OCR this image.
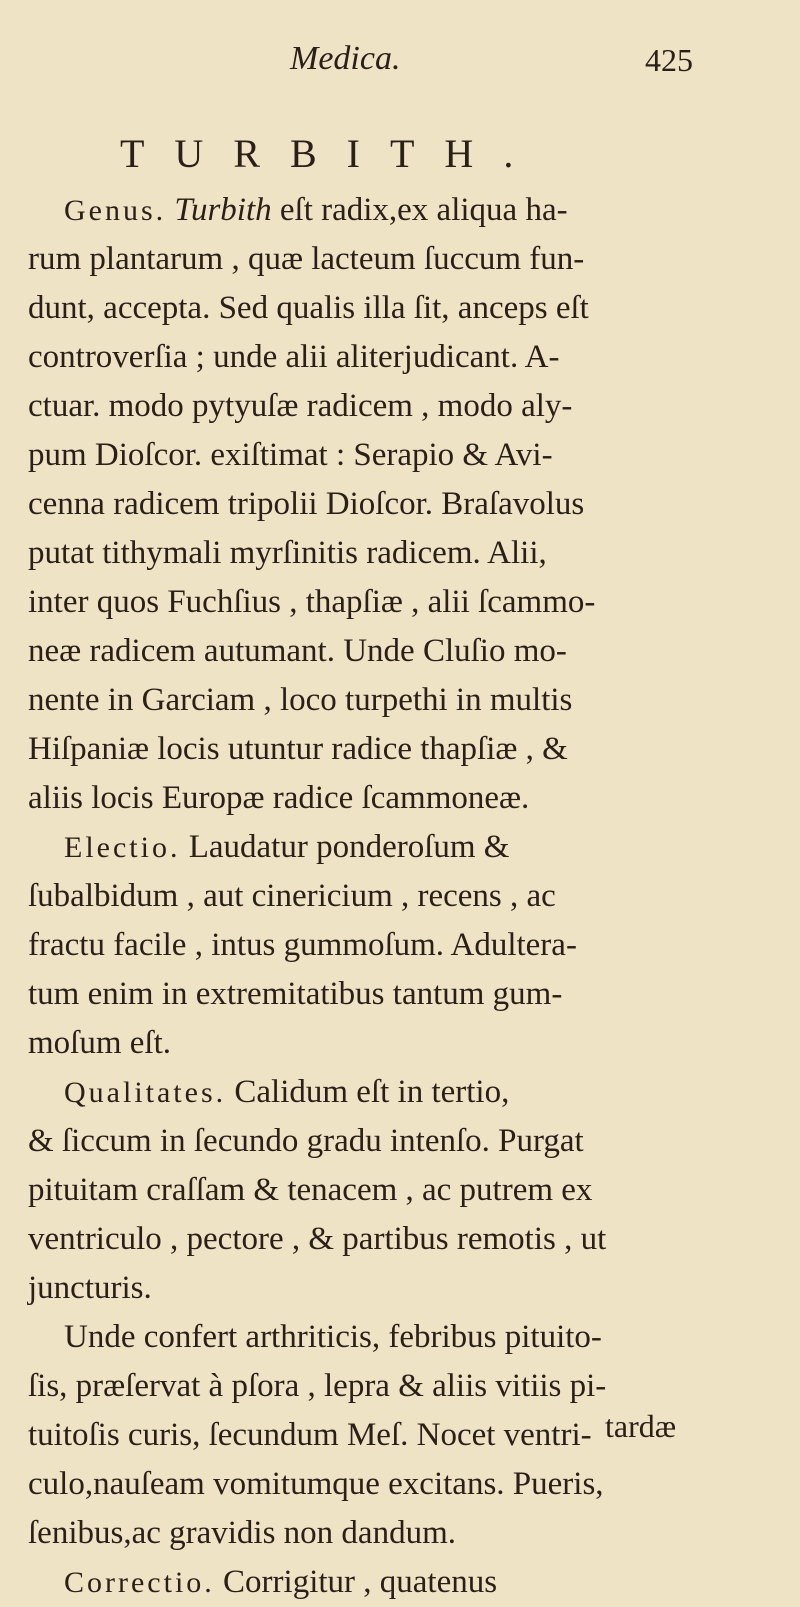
Medica.	425
TURBITH.
Genus. Turbith eſt radix,ex aliqua ha-
rum plantarum , quæ lacteum ſuccum fun-
dunt, accepta. Sed qualis illa ſit, anceps eſt
controverſia ; unde alii aliterjudicant. A-
ctuar. modo pytyuſæ radicem , modo aly-
pum Dioſcor. exiſtimat : Serapio & Avi-
cenna radicem tripolii Dioſcor. Braſavolus
putat tithymali myrſinitis radicem. Alii,
inter quos Fuchſius , thapſiæ , alii ſcammo-
neæ radicem autumant. Unde Cluſio mo-
nente in Garciam , loco turpethi in multis
Hiſpaniæ locis utuntur radice thapſiæ , &
aliis locis Europæ radice ſcammoneæ.
Electio. Laudatur ponderoſum &
ſubalbidum , aut cinericium , recens , ac
fractu facile , intus gummoſum. Adultera-
tum enim in extremitatibus tantum gum-
moſum eſt.
Qualitates. Calidum eſt in tertio,
& ſiccum in ſecundo gradu intenſo. Purgat
pituitam craſſam & tenacem , ac putrem ex
ventriculo , pectore , & partibus remotis , ut
juncturis.
Unde confert arthriticis, febribus pituito-
ſis, præſervat à pſora , lepra & aliis vitiis pi-
tuitoſis curis, ſecundum Meſ. Nocet ventri-
culo,nauſeam vomitumque excitans. Pueris,
ſenibus,ac gravidis non dandum.
Correctio. Corrigitur , quatenus
tardæ
